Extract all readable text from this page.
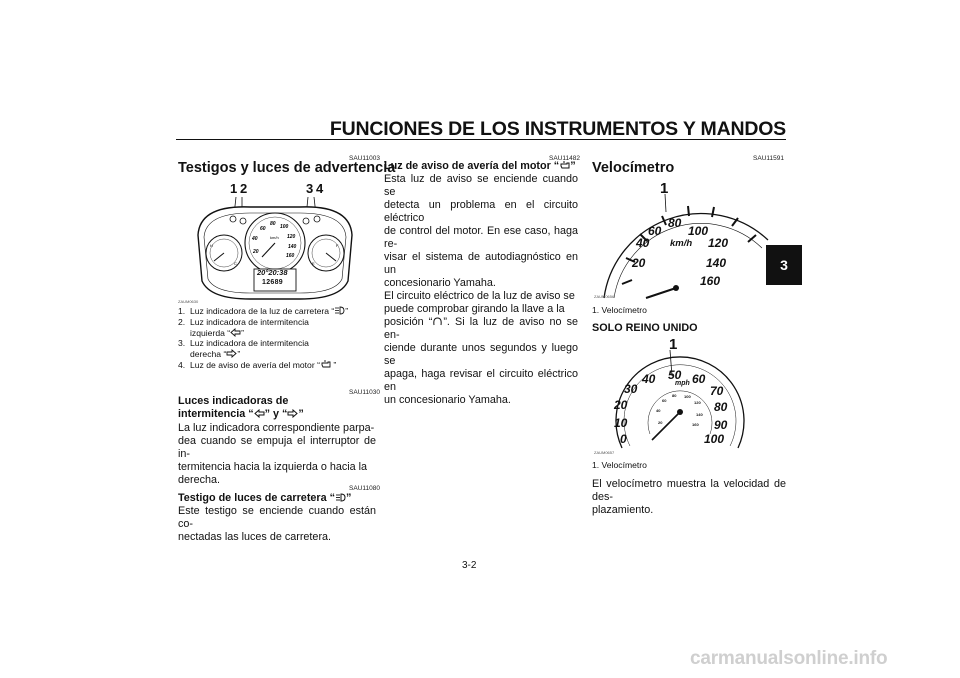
FUNCIONES DE LOS INSTRUMENTOS Y MANDOS
3
SAU11003
Testigos y luces de advertencia
1 2	3 4
H
C	E
F
20
40
60
80 100
120
140
160
km/h
20°20:38
12689
ZAUM0630
1. Luz indicadora de la luz de carretera “ ”
2. Luz indicadora de intermitencia
izquierda “ ”
3. Luz indicadora de intermitencia
derecha “ ”
4. Luz de aviso de avería del motor “ ”
SAU11030
Luces indicadoras de
intermitencia “ ” y “ ”
La luz indicadora correspondiente parpa-
dea cuando se empuja el interruptor de in-
termitencia hacia la izquierda o hacia la
derecha.
SAU11080
Testigo de luces de carretera “ ”
Este testigo se enciende cuando están co-
nectadas las luces de carretera.
SAU11482
Luz de aviso de avería del motor “ ”
Esta luz de aviso se enciende cuando se
detecta un problema en el circuito eléctrico
de control del motor. En ese caso, haga re-
visar el sistema de autodiagnóstico en un
concesionario Yamaha.
El circuito eléctrico de la luz de aviso se
puede comprobar girando la llave a la
posición “ ”. Si la luz de aviso no se en-
ciende durante unos segundos y luego se
apaga, haga revisar el circuito eléctrico en
un concesionario Yamaha.
SAU11591
Velocímetro
1
20
40
60
80
100
120
140
160
km/h
ZAUM0656
1. Velocímetro
SOLO REINO UNIDO
1
0
10
20
30
40 50 60
70
80
90
100
mph
20
40
60
80 100
120
140
160
ZAUM0657
1. Velocímetro
El velocímetro muestra la velocidad de des-
plazamiento.
3-2
carmanualsonline.info
